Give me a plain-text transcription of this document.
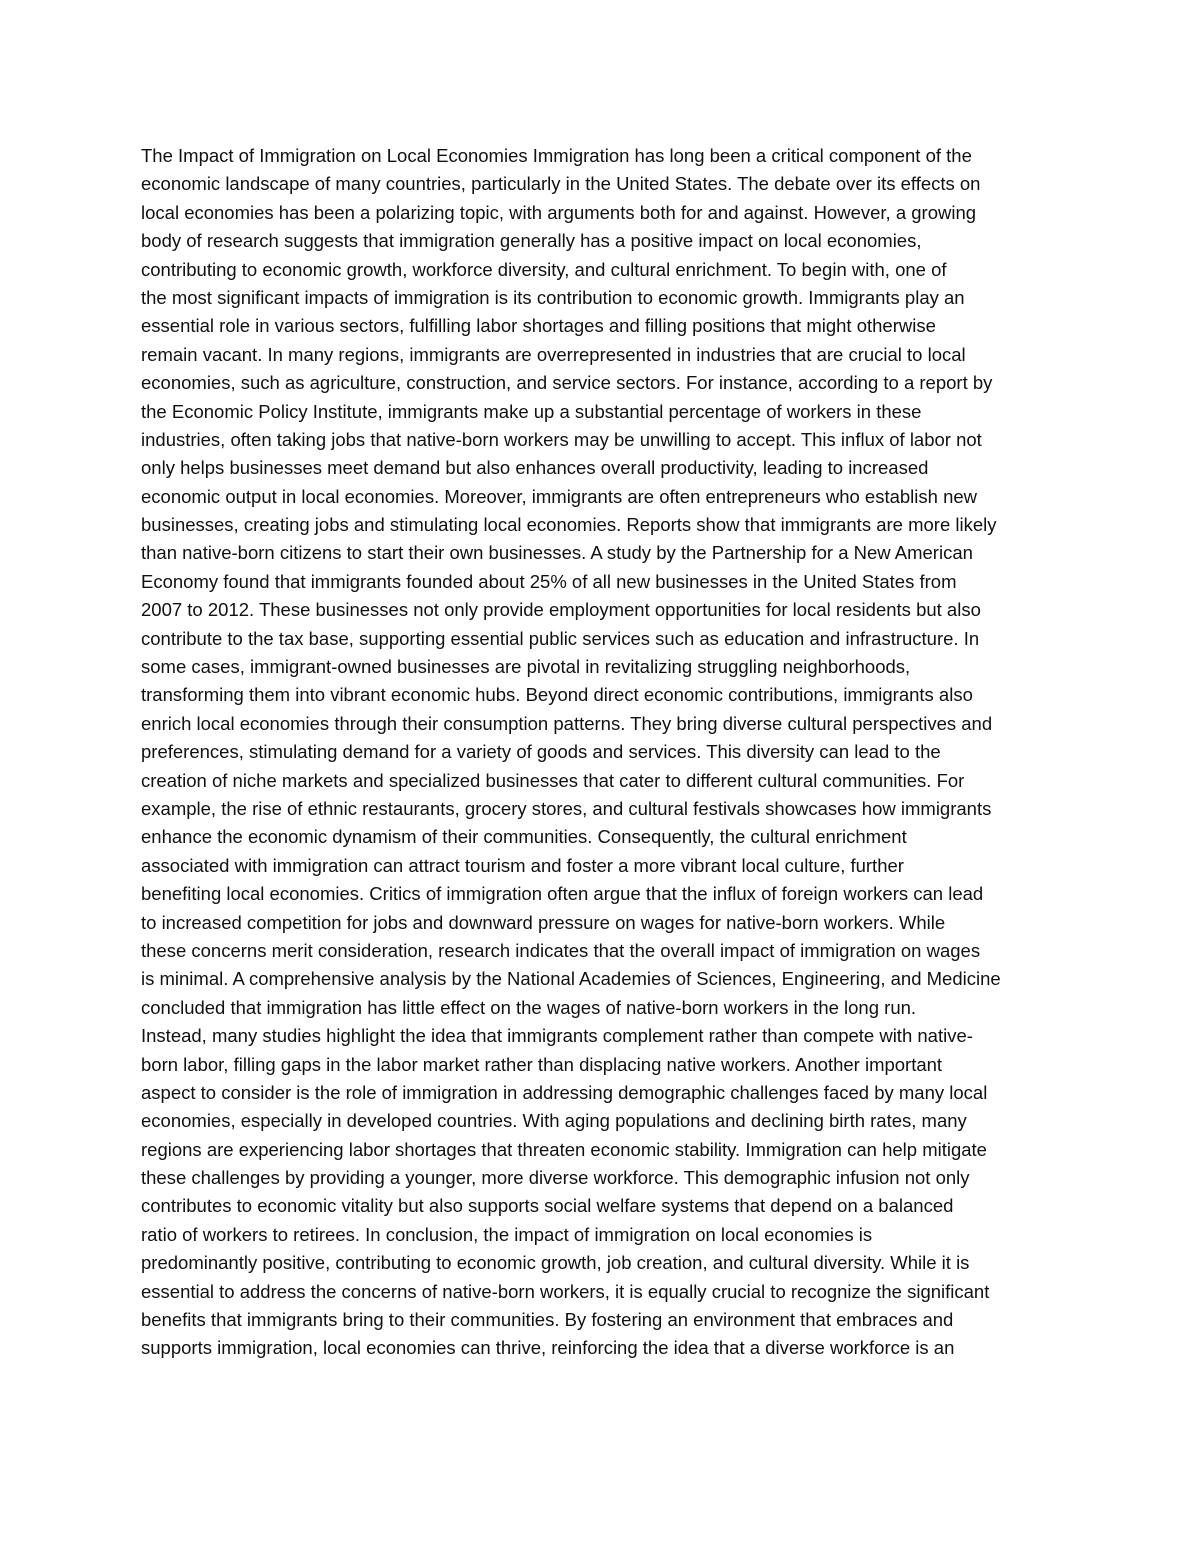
The Impact of Immigration on Local Economies Immigration has long been a critical component of the
economic landscape of many countries, particularly in the United States. The debate over its effects on
local economies has been a polarizing topic, with arguments both for and against. However, a growing
body of research suggests that immigration generally has a positive impact on local economies,
contributing to economic growth, workforce diversity, and cultural enrichment. To begin with, one of
the most significant impacts of immigration is its contribution to economic growth. Immigrants play an
essential role in various sectors, fulfilling labor shortages and filling positions that might otherwise
remain vacant. In many regions, immigrants are overrepresented in industries that are crucial to local
economies, such as agriculture, construction, and service sectors. For instance, according to a report by
the Economic Policy Institute, immigrants make up a substantial percentage of workers in these
industries, often taking jobs that native-born workers may be unwilling to accept. This influx of labor not
only helps businesses meet demand but also enhances overall productivity, leading to increased
economic output in local economies. Moreover, immigrants are often entrepreneurs who establish new
businesses, creating jobs and stimulating local economies. Reports show that immigrants are more likely
than native-born citizens to start their own businesses. A study by the Partnership for a New American
Economy found that immigrants founded about 25% of all new businesses in the United States from
2007 to 2012. These businesses not only provide employment opportunities for local residents but also
contribute to the tax base, supporting essential public services such as education and infrastructure. In
some cases, immigrant-owned businesses are pivotal in revitalizing struggling neighborhoods,
transforming them into vibrant economic hubs. Beyond direct economic contributions, immigrants also
enrich local economies through their consumption patterns. They bring diverse cultural perspectives and
preferences, stimulating demand for a variety of goods and services. This diversity can lead to the
creation of niche markets and specialized businesses that cater to different cultural communities. For
example, the rise of ethnic restaurants, grocery stores, and cultural festivals showcases how immigrants
enhance the economic dynamism of their communities. Consequently, the cultural enrichment
associated with immigration can attract tourism and foster a more vibrant local culture, further
benefiting local economies. Critics of immigration often argue that the influx of foreign workers can lead
to increased competition for jobs and downward pressure on wages for native-born workers. While
these concerns merit consideration, research indicates that the overall impact of immigration on wages
is minimal. A comprehensive analysis by the National Academies of Sciences, Engineering, and Medicine
concluded that immigration has little effect on the wages of native-born workers in the long run.
Instead, many studies highlight the idea that immigrants complement rather than compete with native-
born labor, filling gaps in the labor market rather than displacing native workers. Another important
aspect to consider is the role of immigration in addressing demographic challenges faced by many local
economies, especially in developed countries. With aging populations and declining birth rates, many
regions are experiencing labor shortages that threaten economic stability. Immigration can help mitigate
these challenges by providing a younger, more diverse workforce. This demographic infusion not only
contributes to economic vitality but also supports social welfare systems that depend on a balanced
ratio of workers to retirees. In conclusion, the impact of immigration on local economies is
predominantly positive, contributing to economic growth, job creation, and cultural diversity. While it is
essential to address the concerns of native-born workers, it is equally crucial to recognize the significant
benefits that immigrants bring to their communities. By fostering an environment that embraces and
supports immigration, local economies can thrive, reinforcing the idea that a diverse workforce is an
